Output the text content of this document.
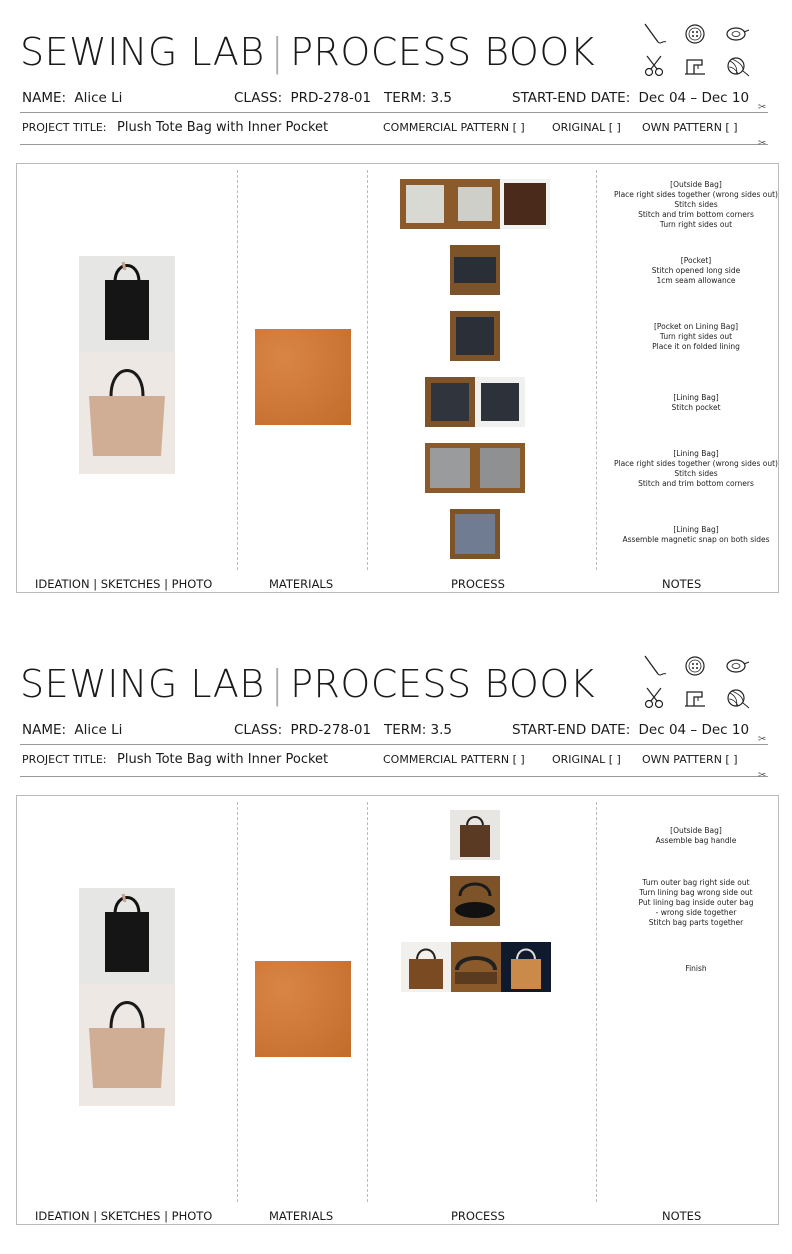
SEWING LAB | PROCESS BOOK
NAME: Alice Li	CLASS: PRD-278-01 TERM: 3.5	START-END DATE: Dec 04 – Dec 10
✂
PROJECT TITLE: Plush Tote Bag with Inner Pocket	COMMERCIAL PATTERN [ ] ORIGINAL [ ] OWN PATTERN [ ]
✂
[Outside Bag]
Place right sides together (wrong sides out)
Stitch sides
Stitch and trim bottom corners
Turn right sides out
[Pocket]
Stitch opened long side
1cm seam allowance
[Pocket on Lining Bag]
Turn right sides out
Place it on folded lining
[Lining Bag]
Stitch pocket
[Lining Bag]
Place right sides together (wrong sides out)
Stitch sides
Stitch and trim bottom corners
[Lining Bag]
Assemble magnetic snap on both sides
IDEATION | SKETCHES | PHOTO	MATERIALS	PROCESS	NOTES
SEWING LAB | PROCESS BOOK
NAME: Alice Li	CLASS: PRD-278-01 TERM: 3.5	START-END DATE: Dec 04 – Dec 10
✂
PROJECT TITLE: Plush Tote Bag with Inner Pocket	COMMERCIAL PATTERN [ ] ORIGINAL [ ] OWN PATTERN [ ]
✂
[Outside Bag]
Assemble bag handle
Turn outer bag right side out
Turn lining bag wrong side out
Put lining bag inside outer bag
- wrong side together
Stitch bag parts together
Finish
IDEATION | SKETCHES | PHOTO	MATERIALS	PROCESS	NOTES
